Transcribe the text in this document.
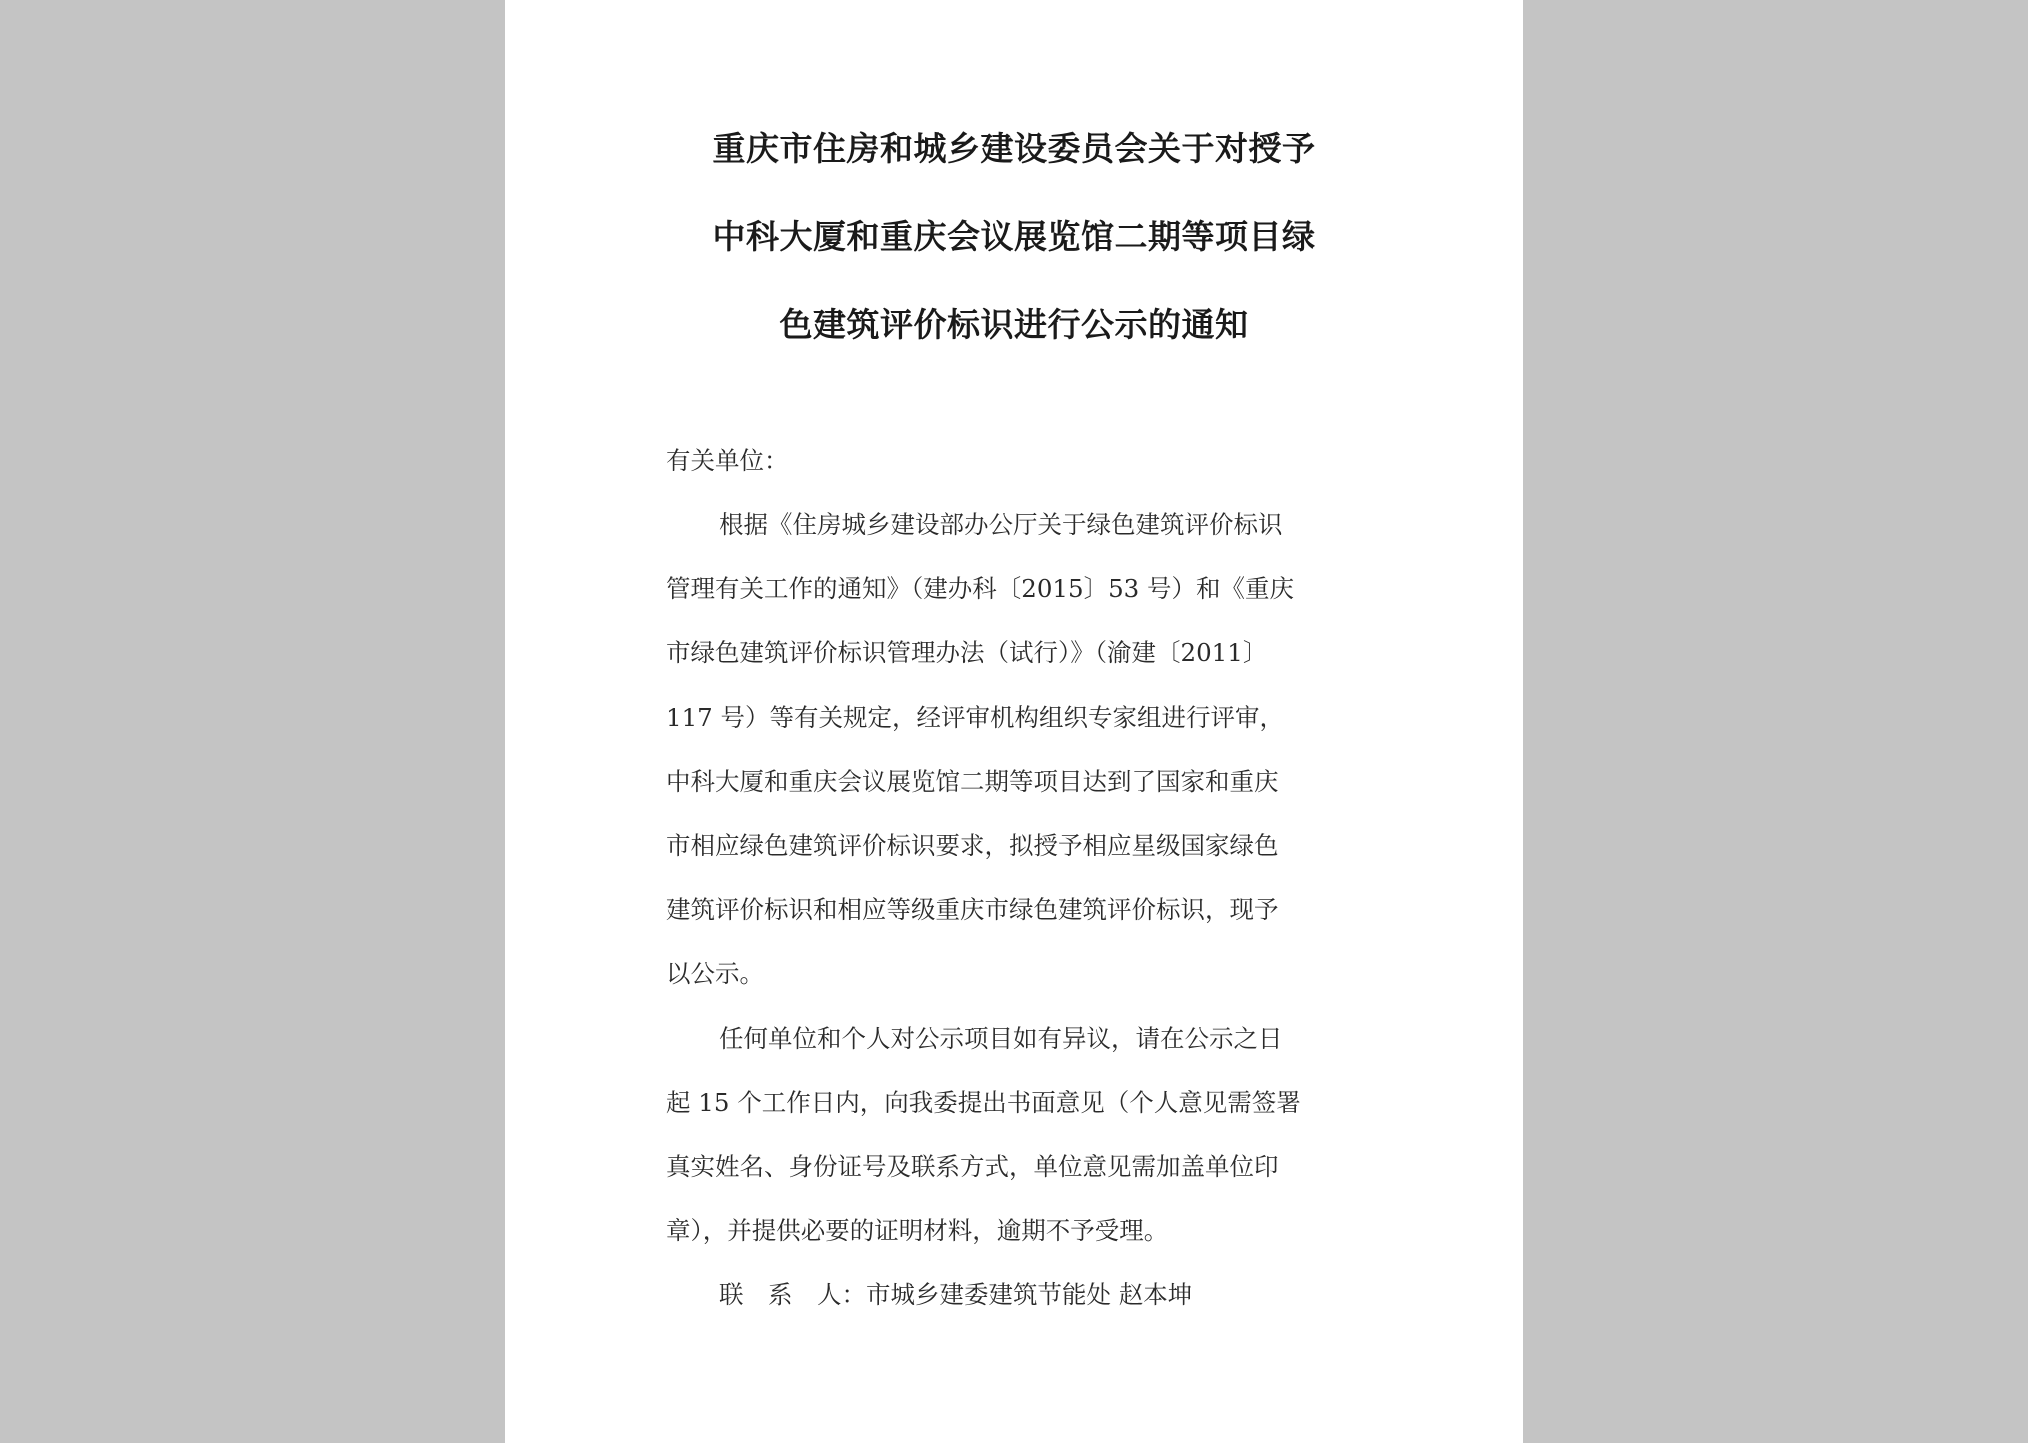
重庆市住房和城乡建设委员会关于对授予
中科大厦和重庆会议展览馆二期等项目绿
色建筑评价标识进行公示的通知
有关单位：
根据《住房城乡建设部办公厅关于绿色建筑评价标识
管理有关工作的通知》（建办科〔2015〕53 号）和《重庆
市绿色建筑评价标识管理办法（试行）》（渝建〔2011〕
117 号）等有关规定，经评审机构组织专家组进行评审，
中科大厦和重庆会议展览馆二期等项目达到了国家和重庆
市相应绿色建筑评价标识要求，拟授予相应星级国家绿色
建筑评价标识和相应等级重庆市绿色建筑评价标识，现予
以公示。
任何单位和个人对公示项目如有异议，请在公示之日
起 15 个工作日内，向我委提出书面意见（个人意见需签署
真实姓名、身份证号及联系方式，单位意见需加盖单位印
章），并提供必要的证明材料，逾期不予受理。
联　系　人：市城乡建委建筑节能处 赵本坤
